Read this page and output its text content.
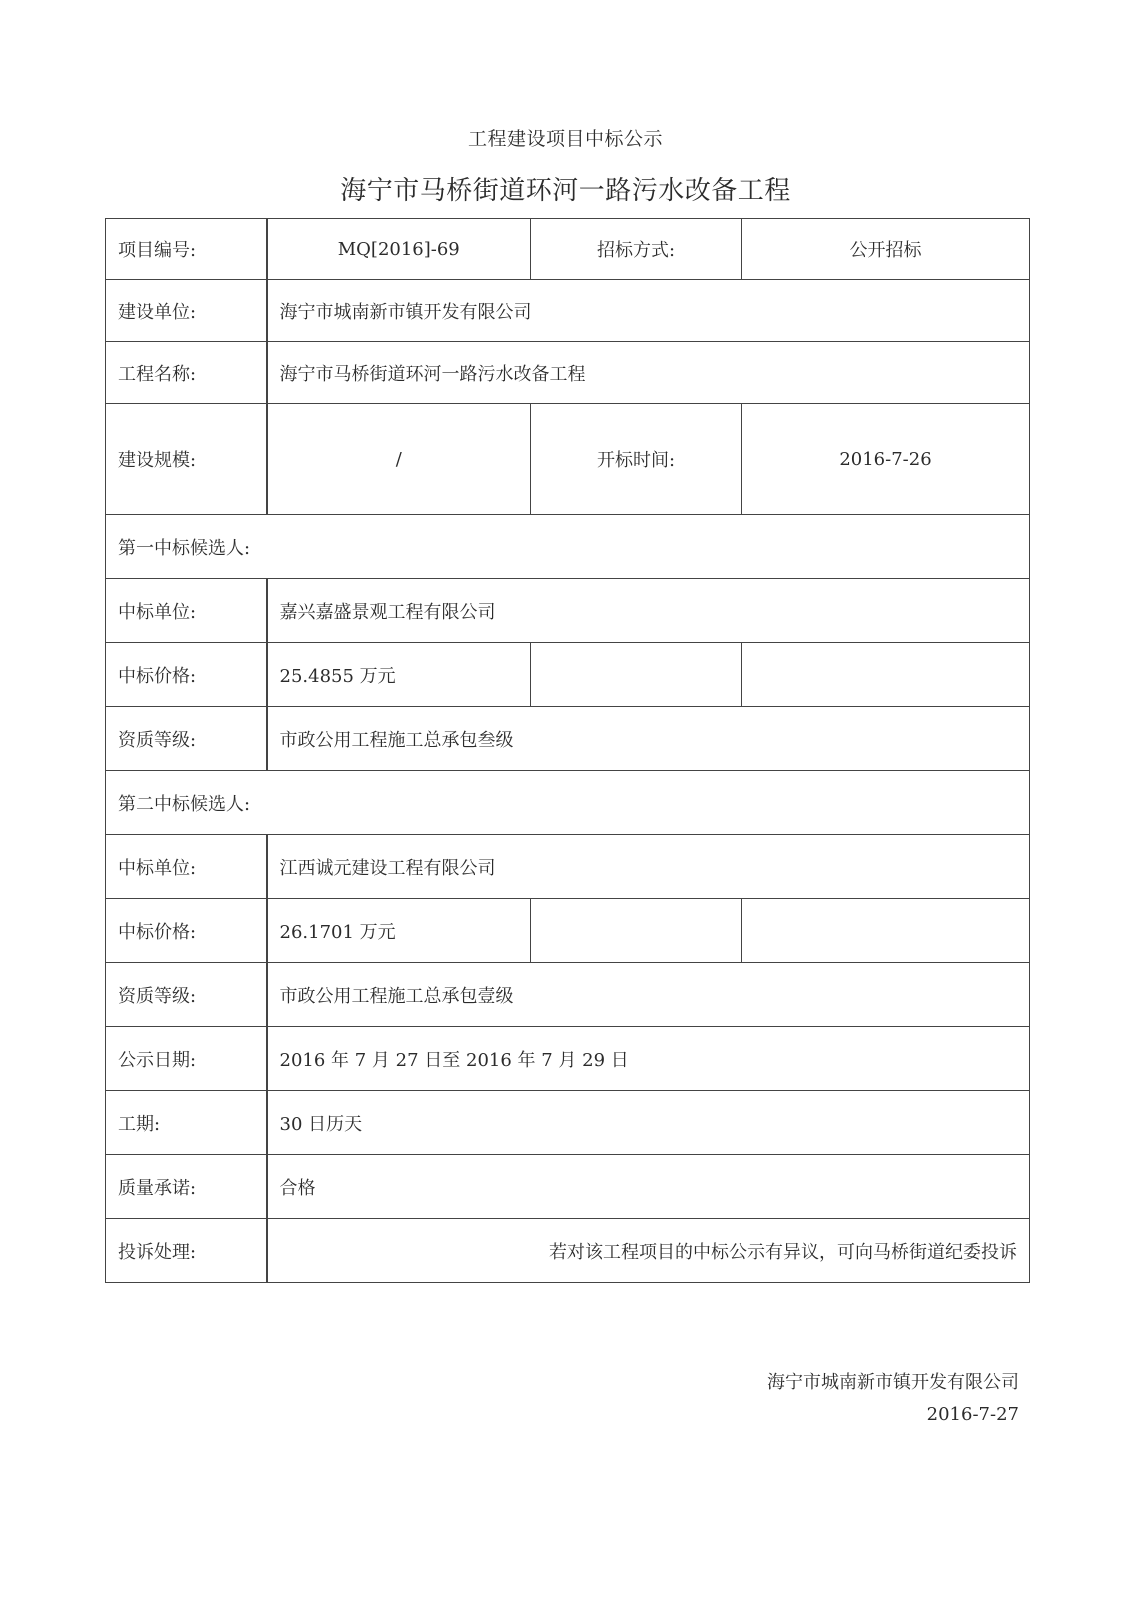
工程建设项目中标公示
海宁市马桥街道环河一路污水改备工程
项目编号:	MQ[2016]-69	招标方式:	公开招标
建设单位:	海宁市城南新市镇开发有限公司		
工程名称:	海宁市马桥街道环河一路污水改备工程		
建设规模:	/	开标时间:	2016-7-26
第一中标候选人:			
中标单位:	嘉兴嘉盛景观工程有限公司		
中标价格:	25.4855 万元		
资质等级:	市政公用工程施工总承包叁级		
第二中标候选人:			
中标单位:	江西诚元建设工程有限公司		
中标价格:	26.1701 万元		
资质等级:	市政公用工程施工总承包壹级		
公示日期:	2016 年 7 月 27 日至 2016 年 7 月 29 日		
工期:	30 日历天		
质量承诺:	合格		
投诉处理:	若对该工程项目的中标公示有异议，可向马桥街道纪委投诉		
海宁市城南新市镇开发有限公司
2016-7-27
